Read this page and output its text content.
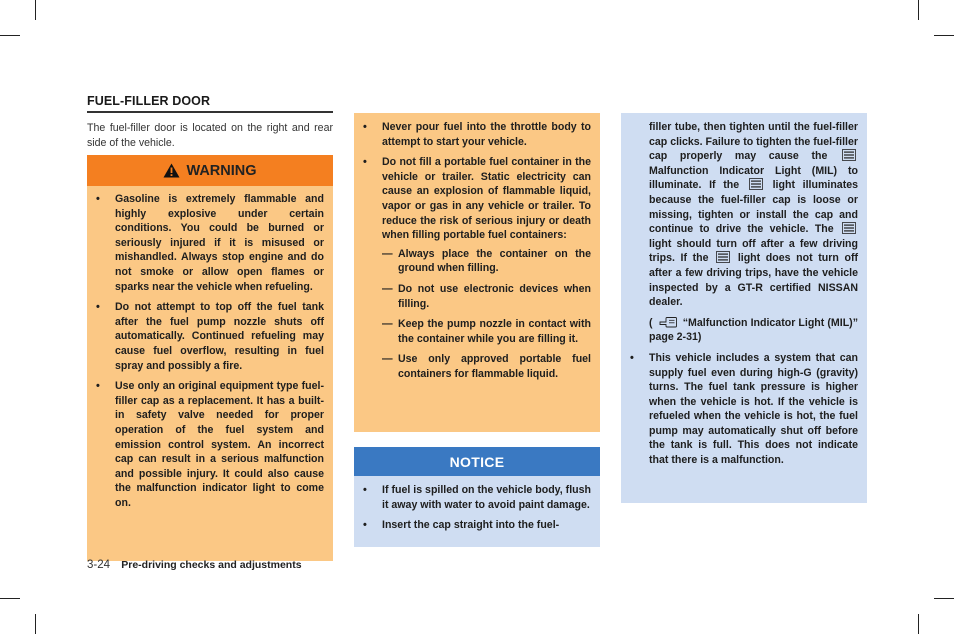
FUEL-FILLER DOOR
The fuel-filler door is located on the right and rear side of the vehicle.
WARNING
• Gasoline is extremely flammable and highly explosive under certain conditions. You could be burned or seriously injured if it is misused or mishandled. Always stop engine and do not smoke or allow open flames or sparks near the vehicle when refueling.
• Do not attempt to top off the fuel tank after the fuel pump nozzle shuts off automatically. Continued refueling may cause fuel overflow, resulting in fuel spray and possibly a fire.
• Use only an original equipment type fuel-filler cap as a replacement. It has a built-in safety valve needed for proper operation of the fuel system and emission control system. An incorrect cap can result in a serious malfunction and possible injury. It could also cause the malfunction indicator light to come on.
• Never pour fuel into the throttle body to attempt to start your vehicle.
• Do not fill a portable fuel container in the vehicle or trailer. Static electricity can cause an explosion of flammable liquid, vapor or gas in any vehicle or trailer. To reduce the risk of serious injury or death when filling portable fuel containers:
— Always place the container on the ground when filling.
— Do not use electronic devices when filling.
— Keep the pump nozzle in contact with the container while you are filling it.
— Use only approved portable fuel containers for flammable liquid.
NOTICE
• If fuel is spilled on the vehicle body, flush it away with water to avoid paint damage.
• Insert the cap straight into the fuel-
filler tube, then tighten until the fuel-filler cap clicks. Failure to tighten the fuel-filler cap properly may cause the  Malfunction Indicator Light (MIL) to illuminate. If the	light illuminates because the fuel-filler cap is loose or missing, tighten or install the cap and continue to drive the vehicle. The  light should turn off after a few driving trips. If the	light does not turn off after a few driving trips, have the vehicle inspected by a GT-R certified NISSAN dealer.
(	“Malfunction Indicator Light (MIL)” page 2-31)
• This vehicle includes a system that can supply fuel even during high-G (gravity) turns. The fuel tank pressure is higher when the vehicle is hot. If the vehicle is refueled when the vehicle is hot, the fuel pump may automatically shut off before the tank is full. This does not indicate that there is a malfunction.
3-24 Pre-driving checks and adjustments
